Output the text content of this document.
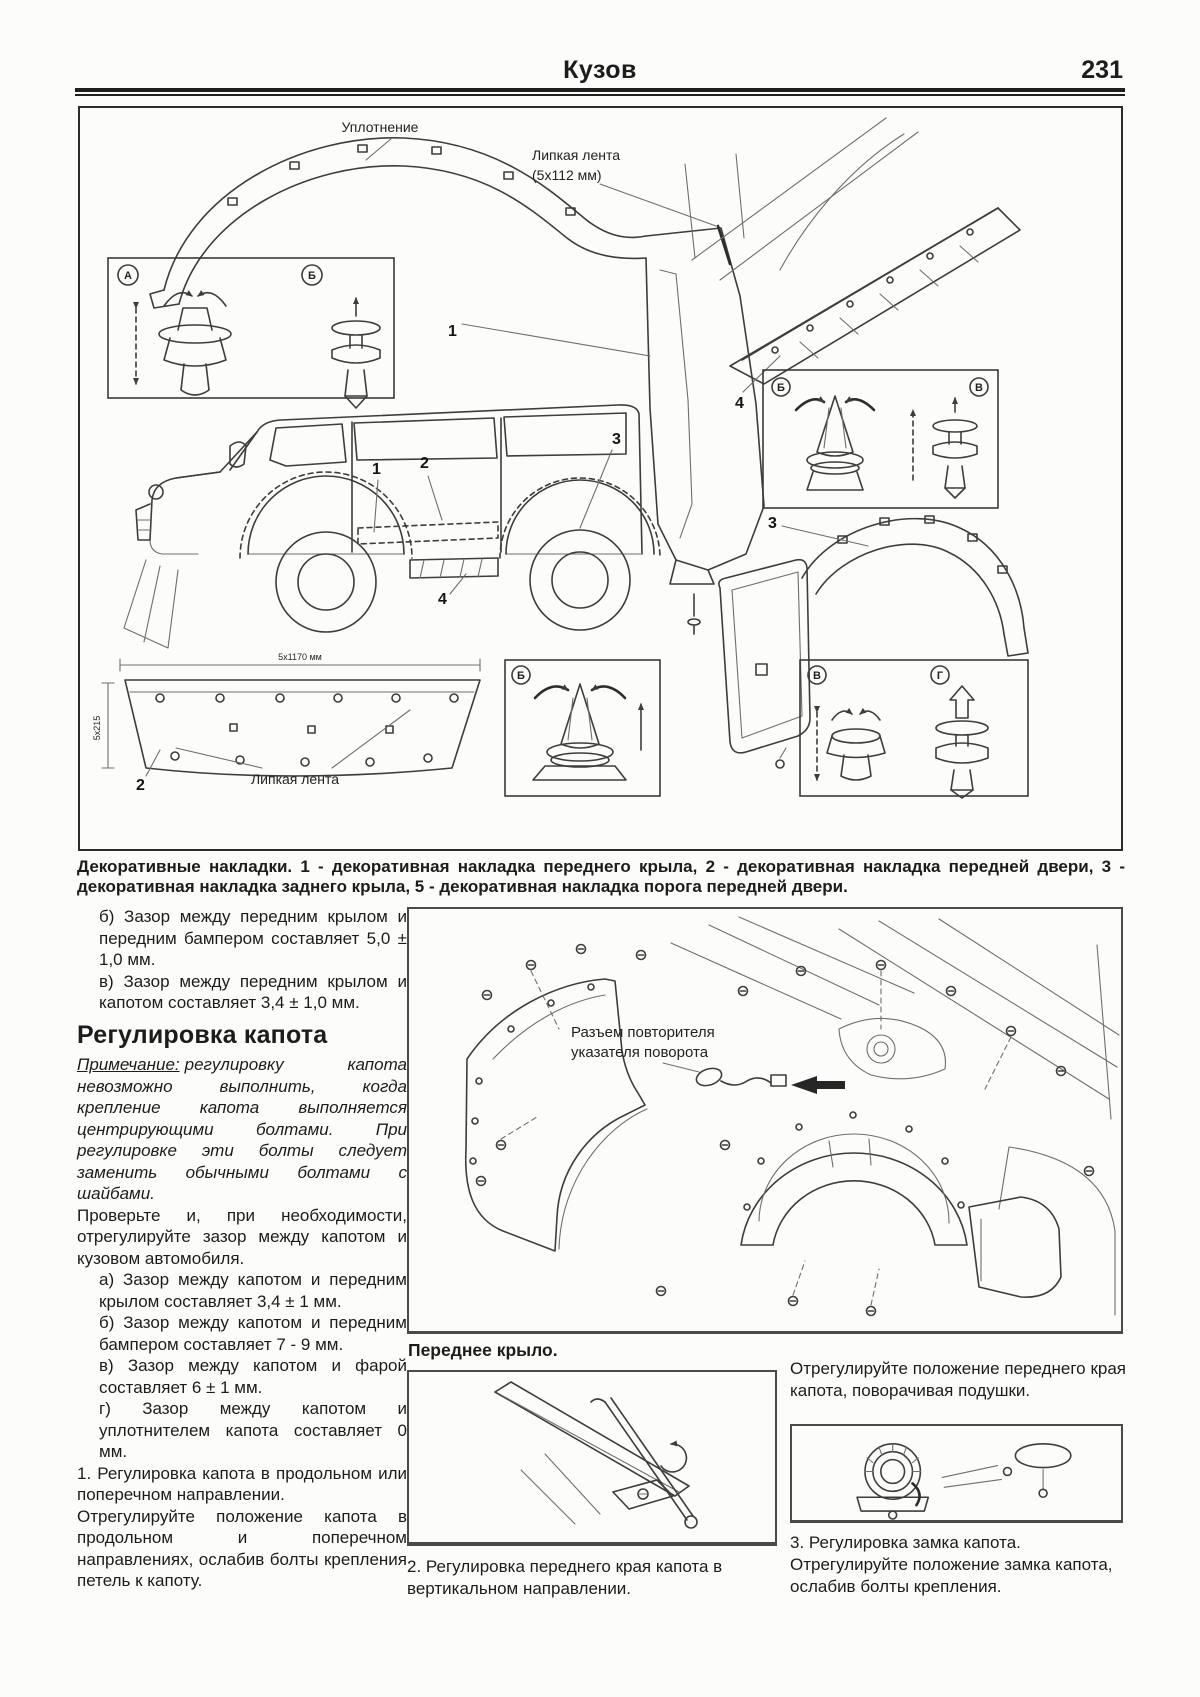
Кузов	231
Уплотнение
Липкая лента
(5х112 мм)
1
А	Б
4
Б	В
1 2
3
4
3
5х1170 мм
5х215
Липкая лента
2
Б	В	Г

Декоративные накладки. 1 - декоративная накладка переднего крыла, 2 - декоративная накладка передней двери, 3 - декоративная накладка заднего крыла, 5 - декоративная накладка порога передней двери.

б) Зазор между передним крылом и передним бампером составляет 5,0 ± 1,0 мм.

в) Зазор между передним крылом и капотом составляет 3,4 ± 1,0 мм.

Регулировка капота

Примечание: регулировку капота невозможно выполнить, когда крепление капота выполняется центрирующими болтами. При регулировке эти болты следует заменить обычными болтами с шайбами.

Проверьте и, при необходимости, отрегулируйте зазор между капотом и кузовом автомобиля.

а) Зазор между капотом и передним крылом составляет 3,4 ± 1 мм.

б) Зазор между капотом и передним бампером составляет 7 - 9 мм.

в) Зазор между капотом и фарой составляет 6 ± 1 мм.

г) Зазор между капотом и уплотнителем капота составляет 0 мм.

1. Регулировка капота в продольном или поперечном направлении.

Отрегулируйте положение капота в продольном и поперечном направлениях, ослабив болты крепления петель к капоту.

Разъем повторителя
указателя поворота

Переднее крыло.

Отрегулируйте положение переднего края капота, поворачивая подушки.

2. Регулировка переднего края капота в вертикальном направлении.

3. Регулировка замка капота.

Отрегулируйте положение замка капота, ослабив болты крепления.
